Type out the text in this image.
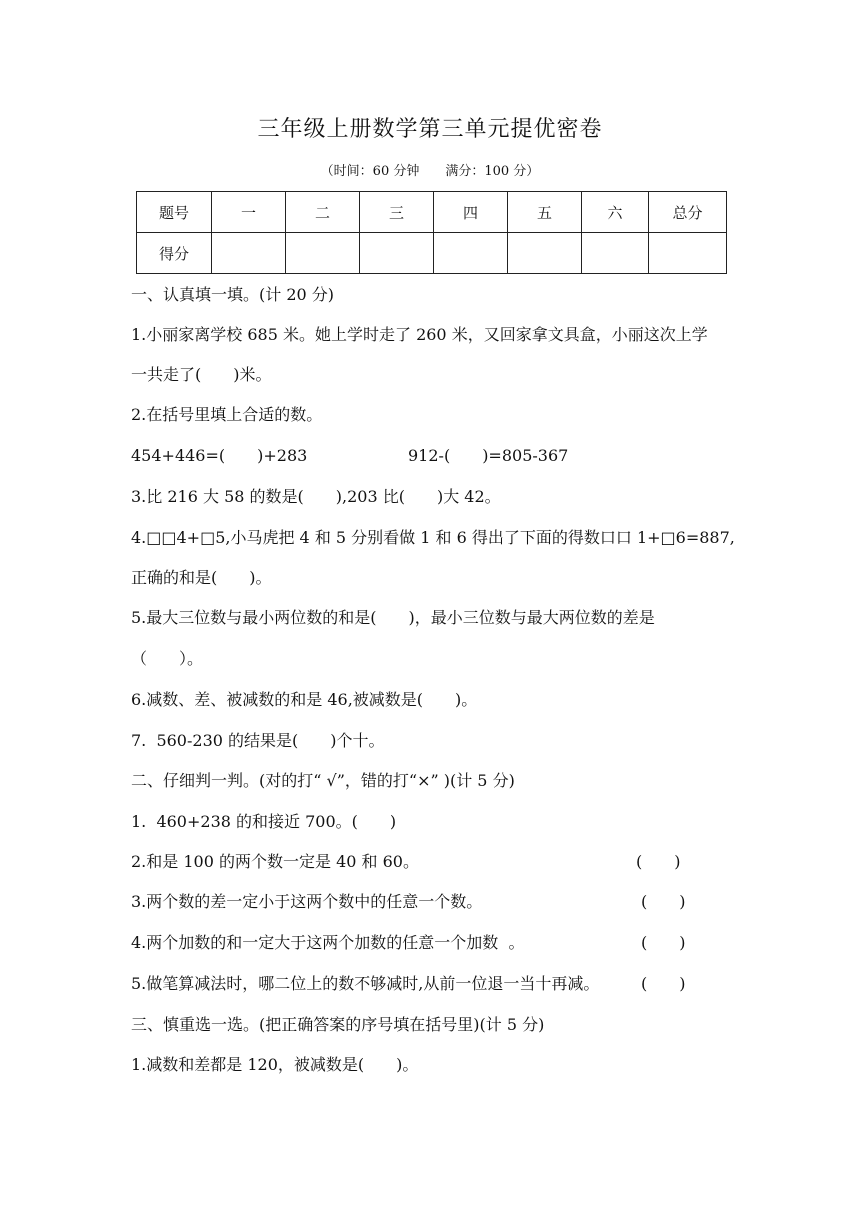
三年级上册数学第三单元提优密卷
（时间：60 分钟 满分：100 分）
题号	一	二	三	四	五	六	总分
得分							
一、认真填一填。(计 20 分)
1.小丽家离学校 685 米。她上学时走了 260 米，又回家拿文具盒，小丽这次上学
一共走了(　　)米。
2.在括号里填上合适的数。
454+446=(　　)+283	912-(　　)=805-367
3.比 216 大 58 的数是(　　),203 比(　　)大 42。
4.□□4+□5,小马虎把 4 和 5 分别看做 1 和 6 得出了下面的得数口口 1+□6=887,
正确的和是(　　)。
5.最大三位数与最小两位数的和是(　　)，最小三位数与最大两位数的差是
（　　）。
6.减数、差、被减数的和是 46,被减数是(　　)。
7.  560-230 的结果是(　　)个十。
二、仔细判一判。(对的打“ √”，错的打“×” )(计 5 分)
1.  460+238 的和接近 700。(　　)
2.和是 100 的两个数一定是 40 和 60。	(　　)
3.两个数的差一定小于这两个数中的任意一个数。	(　　)
4.两个加数的和一定大于这两个加数的任意一个加数  。	(　　)
5.做笔算减法时，哪二位上的数不够减时,从前一位退一当十再减。	(　　)
三、慎重选一选。(把正确答案的序号填在括号里)(计 5 分)
1.减数和差都是 120，被减数是(　　)。
